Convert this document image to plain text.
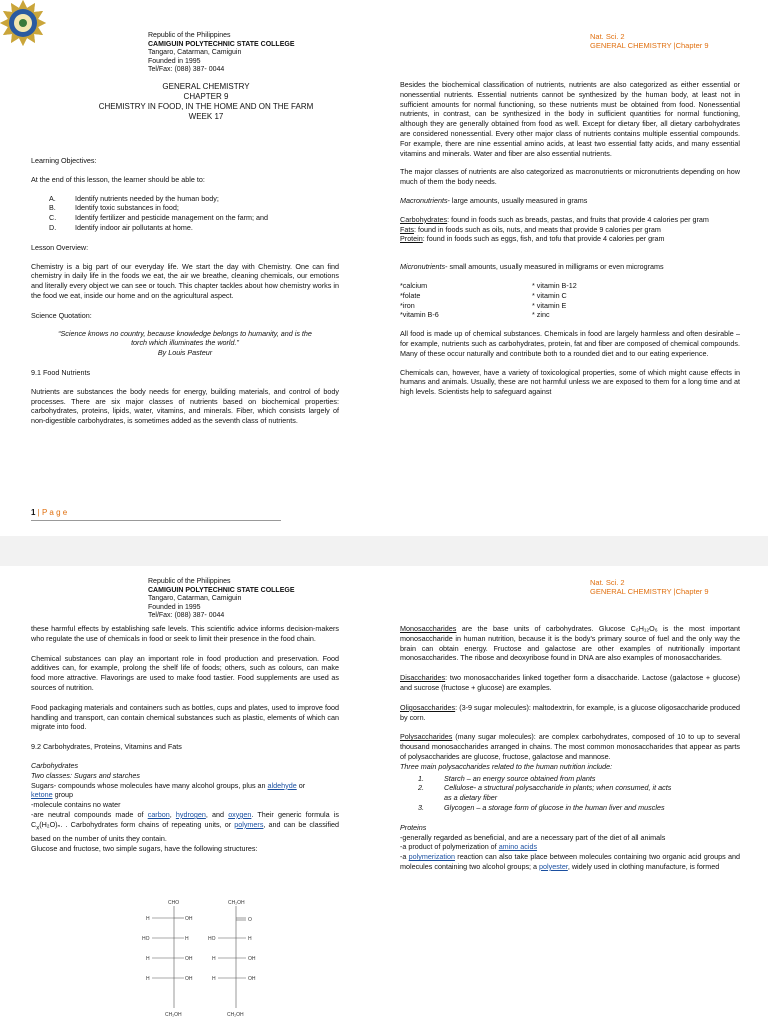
Republic of the Philippines
CAMIGUIN POLYTECHNIC STATE COLLEGE
Tangaro, Catarman, Camiguin
Founded in 1995
Tel/Fax: (088) 387- 0044
Nat. Sci. 2
GENERAL CHEMISTRY |Chapter 9
GENERAL CHEMISTRY
CHAPTER 9
CHEMISTRY IN FOOD, IN THE HOME AND ON THE FARM
WEEK 17

Learning Objectives:

At the end of this lesson, the learner should be able to:

A.	Identify nutrients needed by the human body;
B.	Identify toxic substances in food;
C.	Identify fertilizer and pesticide management on the farm; and
D.	Identify indoor air pollutants at home.

Lesson Overview:

Chemistry is a big part of our everyday life. We start the day with Chemistry. One can find chemistry in daily life in the foods we eat, the air we breathe, cleaning chemicals, our emotions and literally every object we can see or touch. This chapter tackles about how chemistry works in the food we eat, inside our home and on the agricultural aspect.

Science Quotation:

“Science knows no country, because knowledge belongs to humanity, and is the torch which illuminates the world.”

By Louis Pasteur

9.1 Food Nutrients

Nutrients are substances the body needs for energy, building materials, and control of body processes. There are six major classes of nutrients based on biochemical properties: carbohydrates, proteins, lipids, water, vitamins, and minerals. Fiber, which consists largely of non-digestible carbohydrates, is sometimes added as the seventh class of nutrients.

Besides the biochemical classification of nutrients, nutrients are also categorized as either essential or nonessential nutrients. Essential nutrients cannot be synthesized by the human body, at least not in sufficient amounts for normal functioning, so these nutrients must be obtained from food. Nonessential nutrients, in contrast, can be synthesized in the body in sufficient quantities for normal functioning, although they are generally obtained from food as well. Except for dietary fiber, all dietary carbohydrates are considered nonessential. Every other major class of nutrients contains multiple essential compounds. For example, there are nine essential amino acids, at least two essential fatty acids, and many essential vitamins and minerals. Water and fiber are also essential nutrients.

The major classes of nutrients are also categorized as macronutrients or micronutrients depending on how much of them the body needs.

Macronutrients- large amounts, usually measured in grams

Carbohydrates: found in foods such as breads, pastas, and fruits that provide 4 calories per gram

Fats: found in foods such as oils, nuts, and meats that provide 9 calories per gram

Protein: found in foods such as eggs, fish, and tofu that provide 4 calories per gram

Micronutrients- small amounts, usually measured in milligrams or even micrograms

*calcium	* vitamin B-12
*folate	* vitamin C
*iron	* vitamin E
*vitamin B-6	* zinc

All food is made up of chemical substances. Chemicals in food are largely harmless and often desirable – for example, nutrients such as carbohydrates, protein, fat and fiber are composed of chemical compounds. Many of these occur naturally and contribute both to a rounded diet and to our eating experience.

Chemicals can, however, have a variety of toxicological properties, some of which might cause effects in humans and animals. Usually, these are not harmful unless we are exposed to them for a long time and at high levels. Scientists help to safeguard against

1 | P a g e
Republic of the Philippines
CAMIGUIN POLYTECHNIC STATE COLLEGE
Tangaro, Catarman, Camiguin
Founded in 1995
Tel/Fax: (088) 387- 0044
Nat. Sci. 2
GENERAL CHEMISTRY |Chapter 9

these harmful effects by establishing safe levels. This scientific advice informs decision-makers who regulate the use of chemicals in food or seek to limit their presence in the food chain.

Chemical substances can play an important role in food production and preservation. Food additives can, for example, prolong the shelf life of foods; others, such as colours, can make food more attractive. Flavorings are used to make food tastier. Food supplements are used as sources of nutrition.

Food packaging materials and containers such as bottles, cups and plates, used to improve food handling and transport, can contain chemical substances such as plastic, elements of which can migrate into food.

9.2 Carbohydrates, Proteins, Vitamins and Fats

Carbohydrates

Two classes: Sugars and starches

Sugars- compounds whose molecules have many alcohol groups, plus an aldehyde or
ketone group

-molecule contains no water

-are neutral compounds made of carbon, hydrogen, and oxygen. Their generic formula is $C_x(H_2O)_n$. . Carbohydrates form chains of repeating units, or polymers, and can be classified based on the number of units they contain.

Glucose and fructose, two simple sugars, have the following structures:

CHO
H	OH
HO	H
H	OH
H	OH
CH₂OH
CH₂OH
O
HO	H
H	OH
H	OH
CH₂OH

Monosaccharides are the base units of carbohydrates. Glucose C₆H₁₂O₆ is the most important monosaccharide in human nutrition, because it is the body’s primary source of fuel and the only way the brain can obtain energy. Fructose and galactose are other examples of nutritionally important monosaccharides. The ribose and deoxyribose found in DNA are also examples of monosaccharides.

Disaccharides: two monosaccharides linked together form a disaccharide. Lactose (galactose + glucose) and sucrose (fructose + glucose) are examples.

Oligosaccharides: (3-9 sugar molecules): maltodextrin, for example, is a glucose oligosaccharide produced by corn.

Polysaccharides (many sugar molecules): are complex carbohydrates, composed of 10 to up to several thousand monosaccharides arranged in chains. The most common monosaccharides that appear as parts of polysaccharides are glucose, fructose, galactose and mannose.

Three main polysaccharides related to the human nutrition include:

1.	Starch – an energy source obtained from plants
2.	Cellulose- a structural polysaccharide in plants; when consumed, it acts as a dietary fiber
3.	Glycogen – a storage form of glucose in the human liver and muscles

Proteins

-generally regarded as beneficial, and are a necessary part of the diet of all animals

-a product of polymerization of amino acids

-a polymerization reaction can also take place between molecules containing two organic acid groups and molecules containing two alcohol groups; a polyester, widely used in clothing manufacture, is formed
